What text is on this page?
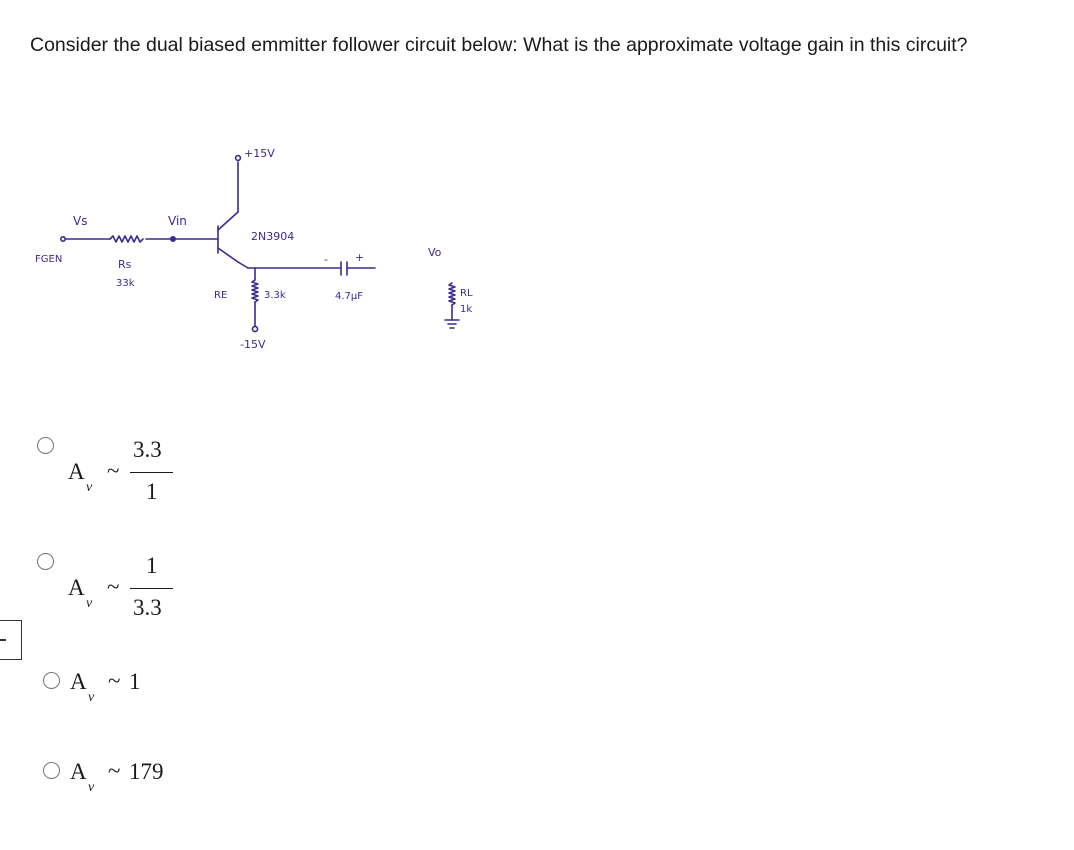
Consider the dual biased emmitter follower circuit below: What is the approximate voltage gain in this circuit?
Vs
FGEN	Rs
33k
Vin
+15V
2N3904
RE	3.3k
-15V
- +
4.7µF
Vo
RL
1k
A
v
~
3.3
1
A
v
~
1
3.3
A
v
~ 1
A
v
~ 179
